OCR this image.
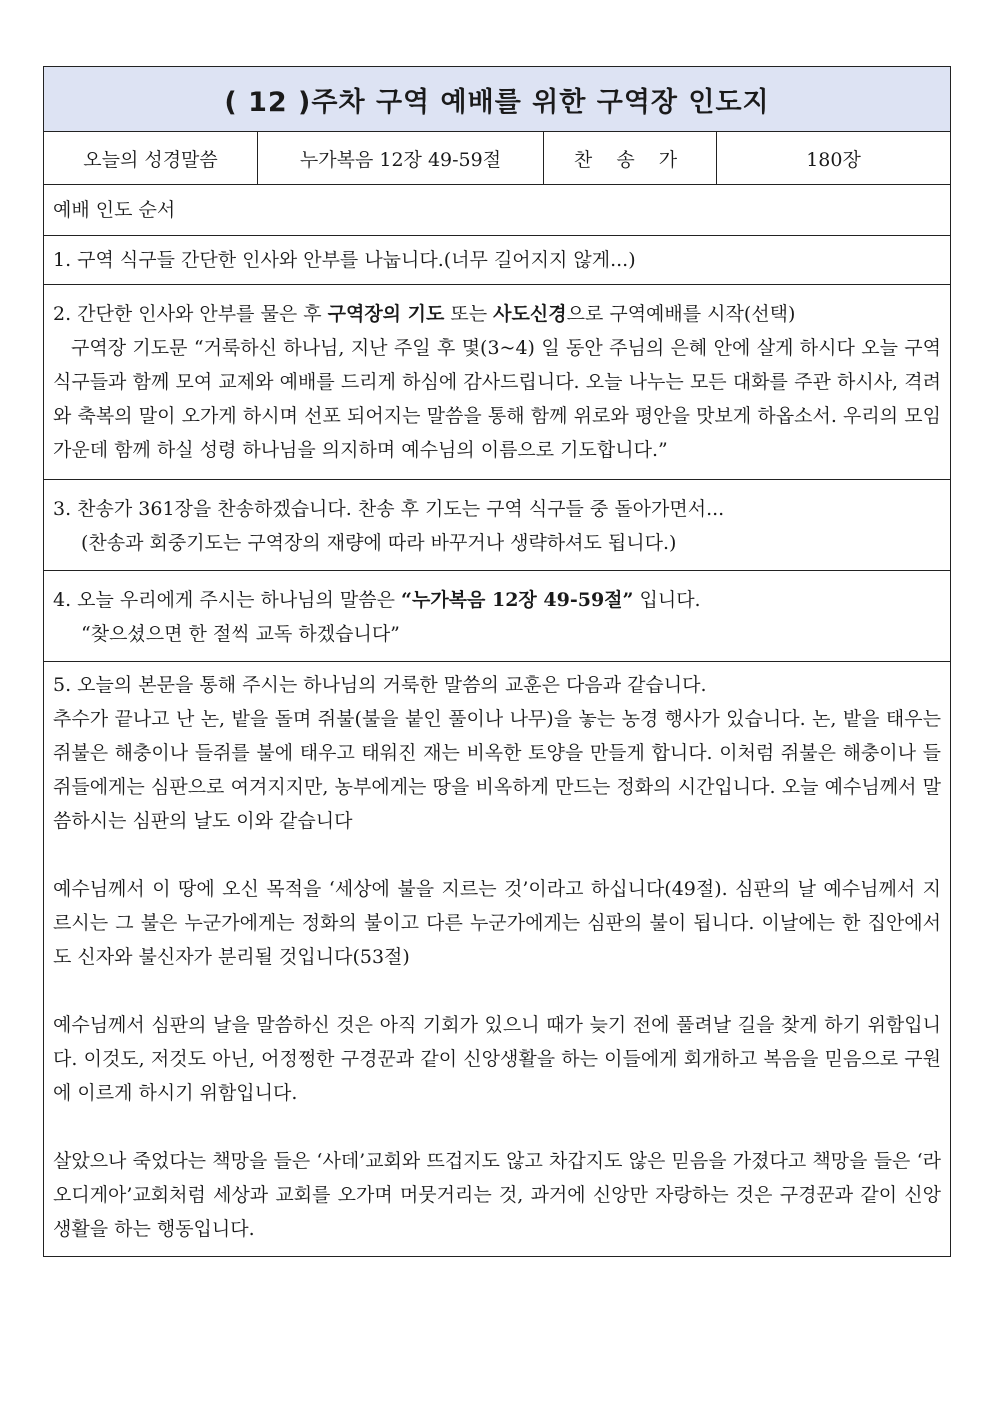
( 12 )주차 구역 예배를 위한 구역장 인도지
오늘의 성경말씀	누가복음 12장 49-59절	찬 송 가	180장

예배 인도 순서

1. 구역 식구들 간단한 인사와 안부를 나눕니다.(너무 길어지지 않게...)

2. 간단한 인사와 안부를 물은 후 구역장의 기도 또는 사도신경으로 구역예배를 시작(선택)

구역장 기도문 “거룩하신 하나님, 지난 주일 후 몇(3~4) 일 동안 주님의 은혜 안에 살게 하시다 오늘 구역 식구들과 함께 모여 교제와 예배를 드리게 하심에 감사드립니다. 오늘 나누는 모든 대화를 주관 하시사, 격려와 축복의 말이 오가게 하시며 선포 되어지는 말씀을 통해 함께 위로와 평안을 맛보게 하옵소서. 우리의 모임 가운데 함께 하실 성령 하나님을 의지하며 예수님의 이름으로 기도합니다.”

3. 찬송가 361장을 찬송하겠습니다. 찬송 후 기도는 구역 식구들 중 돌아가면서...

(찬송과 회중기도는 구역장의 재량에 따라 바꾸거나 생략하셔도 됩니다.)

4. 오늘 우리에게 주시는 하나님의 말씀은 “누가복음 12장 49-59절” 입니다.

“찾으셨으면 한 절씩 교독 하겠습니다”

5. 오늘의 본문을 통해 주시는 하나님의 거룩한 말씀의 교훈은 다음과 같습니다.

추수가 끝나고 난 논, 밭을 돌며 쥐불(불을 붙인 풀이나 나무)을 놓는 농경 행사가 있습니다. 논, 밭을 태우는 쥐불은 해충이나 들쥐를 불에 태우고 태워진 재는 비옥한 토양을 만들게 합니다. 이처럼 쥐불은 해충이나 들쥐들에게는 심판으로 여겨지지만, 농부에게는 땅을 비옥하게 만드는 정화의 시간입니다. 오늘 예수님께서 말씀하시는 심판의 날도 이와 같습니다

예수님께서 이 땅에 오신 목적을 ‘세상에 불을 지르는 것’이라고 하십니다(49절). 심판의 날 예수님께서 지르시는 그 불은 누군가에게는 정화의 불이고 다른 누군가에게는 심판의 불이 됩니다. 이날에는 한 집안에서도 신자와 불신자가 분리될 것입니다(53절)

예수님께서 심판의 날을 말씀하신 것은 아직 기회가 있으니 때가 늦기 전에 풀려날 길을 찾게 하기 위함입니다. 이것도, 저것도 아닌, 어정쩡한 구경꾼과 같이 신앙생활을 하는 이들에게 회개하고 복음을 믿음으로 구원에 이르게 하시기 위함입니다.

살았으나 죽었다는 책망을 들은 ‘사데’교회와 뜨겁지도 않고 차갑지도 않은 믿음을 가졌다고 책망을 들은 ‘라오디게아’교회처럼 세상과 교회를 오가며 머뭇거리는 것, 과거에 신앙만 자랑하는 것은 구경꾼과 같이 신앙생활을 하는 행동입니다.
